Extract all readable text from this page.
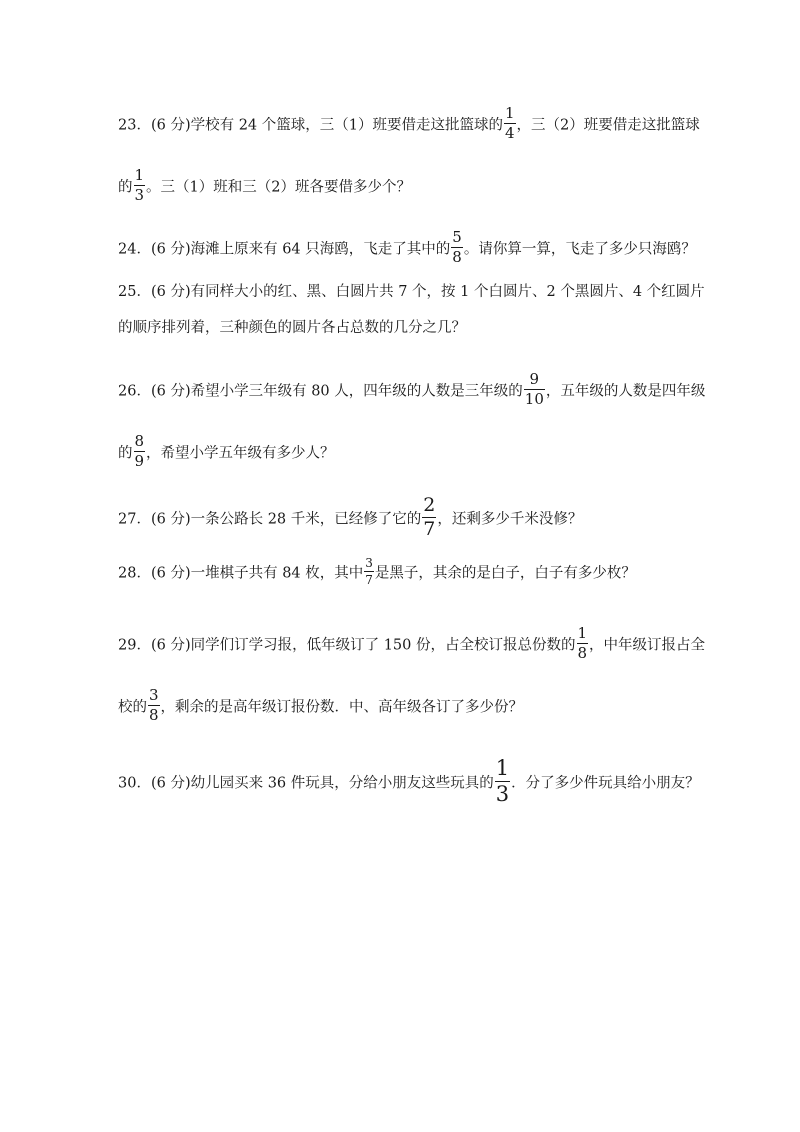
23．(6 分)学校有 24 个篮球，三（1）班要借走这批篮球的 $\frac{1}{4}$ ，三（2）班要借走这批篮球
的 $\frac{1}{3}$ 。三（1）班和三（2）班各要借多少个？
24．(6 分)海滩上原来有 64 只海鸥，飞走了其中的 $\frac{5}{8}$ 。请你算一算，飞走了多少只海鸥？
25．(6 分)有同样大小的红、黑、白圆片共 7 个，按 1 个白圆片、2 个黑圆片、4 个红圆片
的顺序排列着，三种颜色的圆片各占总数的几分之几？
26．(6 分)希望小学三年级有 80 人，四年级的人数是三年级的 $\frac{9}{10}$ ，五年级的人数是四年级
的 $\frac{8}{9}$ ，希望小学五年级有多少人？
27．(6 分)一条公路长 28 千米，已经修了它的 $\frac{2}{7}$ ，还剩多少千米没修？
28．(6 分)一堆棋子共有 84 枚，其中 $\frac{3}{7}$ 是黑子，其余的是白子，白子有多少枚？
29．(6 分)同学们订学习报，低年级订了 150 份，占全校订报总份数的 $\frac{1}{8}$ ，中年级订报占全
校的 $\frac{3}{8}$ ，剩余的是高年级订报份数．中、高年级各订了多少份？
30．(6 分)幼儿园买来 36 件玩具，分给小朋友这些玩具的 $\frac{1}{3}$ ．分了多少件玩具给小朋友？
